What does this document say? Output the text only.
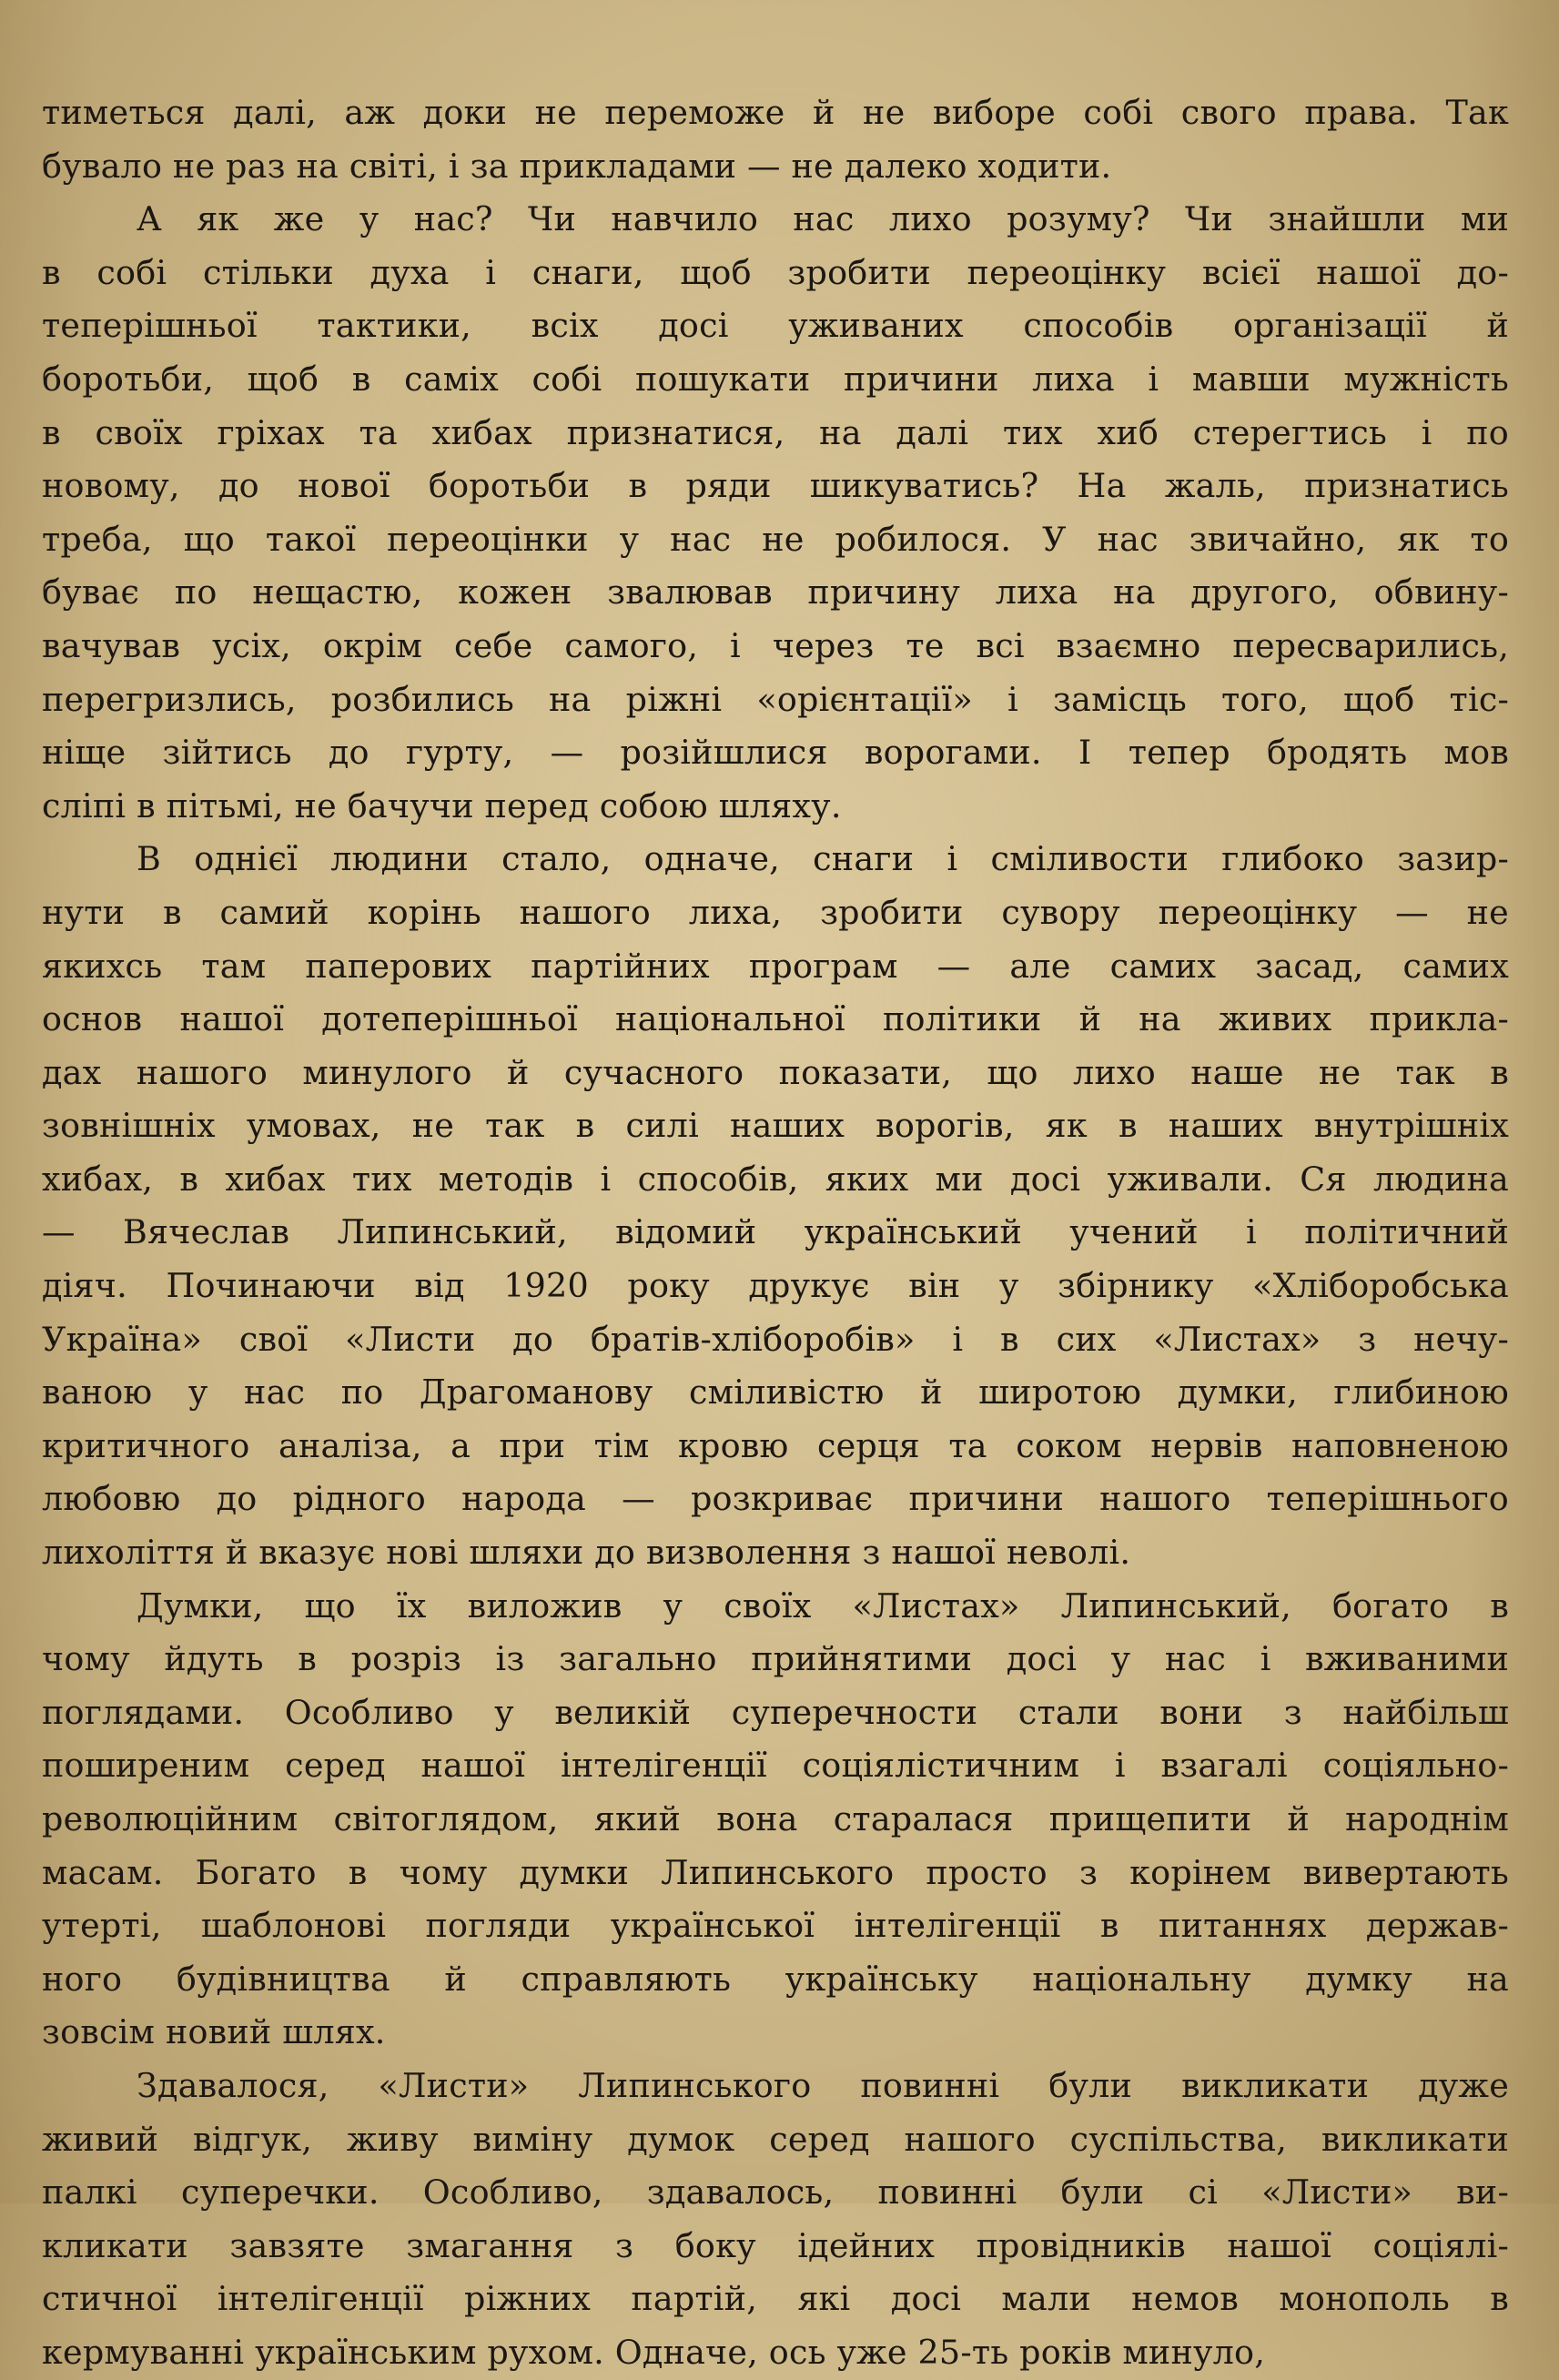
тиметься далі, аж доки не переможе й не виборе собі свого права. Так
бувало не раз на світі, і за прикладами — не далеко ходити.
А як же у нас? Чи навчило нас лихо розуму? Чи знайшли ми
в собі стільки духа і снаги, щоб зробити переоцінку всієї нашої до-
теперішньої тактики, всіх досі уживаних способів організації й
боротьби, щоб в саміх собі пошукати причини лиха і мавши мужність
в своїх гріхах та хибах признатися, на далі тих хиб стерегтись і по
новому, до нової боротьби в ряди шикуватись? На жаль, признатись
треба, що такої переоцінки у нас не робилося. У нас звичайно, як то
буває по нещастю, кожен звалював причину лиха на другого, обвину-
вачував усіх, окрім себе самого, і через те всі взаємно пересварились,
перегризлись, розбились на ріжні «орієнтації» і замісць того, щоб тіс-
ніще зійтись до гурту, — розійшлися ворогами. І тепер бродять мов
сліпі в пітьмі, не бачучи перед собою шляху.
В однієї людини стало, одначе, снаги і сміливости глибоко зазир-
нути в самий корінь нашого лиха, зробити сувору переоцінку — не
якихсь там паперових партійних програм — але самих засад, самих
основ нашої дотеперішньої національної політики й на живих прикла-
дах нашого минулого й сучасного показати, що лихо наше не так в
зовнішніх умовах, не так в силі наших ворогів, як в наших внутрішніх
хибах, в хибах тих методів і способів, яких ми досі уживали. Ся людина
— Вячеслав Липинський, відомий український учений і політичний
діяч. Починаючи від 1920 року друкує він у збірнику «Хліборобська
Україна» свої «Листи до братів-хліборобів» і в сих «Листах» з нечу-
ваною у нас по Драгоманову сміливістю й широтою думки, глибиною
критичного аналіза, а при тім кровю серця та соком нервів наповненою
любовю до рідного народа — розкриває причини нашого теперішнього
лихоліття й вказує нові шляхи до визволення з нашої неволі.
Думки, що їх виложив у своїх «Листах» Липинський, богато в
чому йдуть в розріз із загально прийнятими досі у нас і вживаними
поглядами. Особливо у великій суперечности стали вони з найбільш
поширеним серед нашої інтелігенції соціялістичним і взагалі соціяльно-
революційним світоглядом, який вона старалася прищепити й народнім
масам. Богато в чому думки Липинського просто з корінем вивертають
утерті, шаблонові погляди української інтелігенції в питаннях держав-
ного будівництва й справляють українську національну думку на
зовсім новий шлях.
Здавалося, «Листи» Липинського повинні були викликати дуже
живий відгук, живу виміну думок серед нашого суспільства, викликати
палкі суперечки. Особливо, здавалось, повинні були сі «Листи» ви-
кликати завзяте змагання з боку ідейних провідників нашої соціялі-
стичної інтелігенції ріжних партій, які досі мали немов монополь в
кермуванні українським рухом. Одначе, ось уже 25-ть років минуло,
